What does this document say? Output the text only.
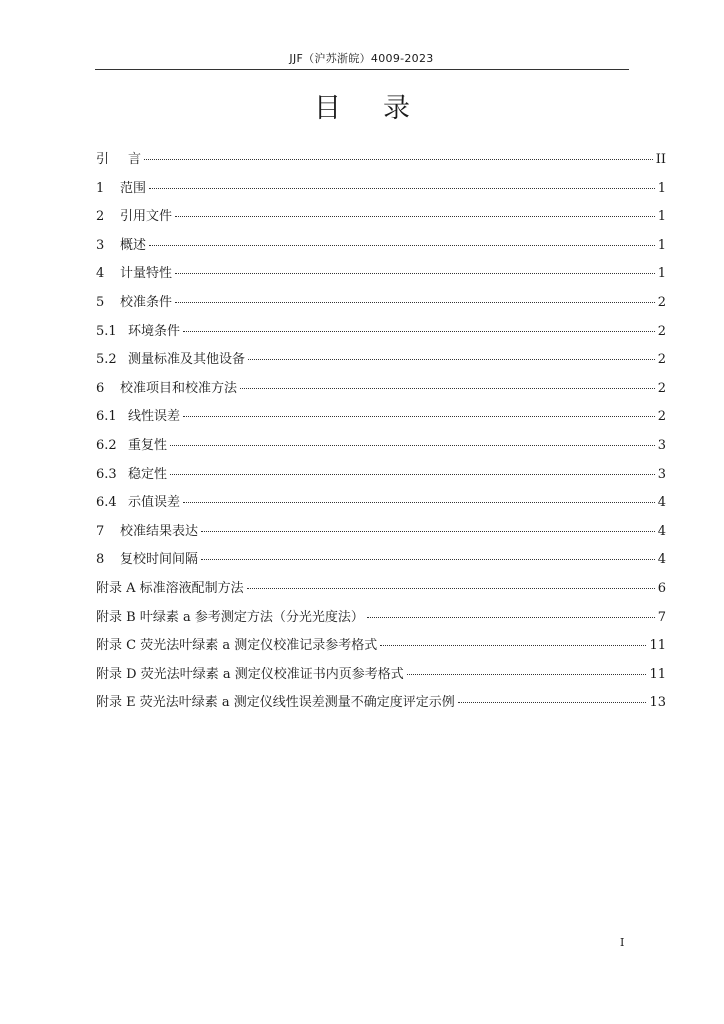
JJF（沪苏浙皖）4009-2023
目 录
引	言	II
1	范围	1
2	引用文件	1
3	概述	1
4	计量特性	1
5	校准条件	2
5.1 环境条件	2
5.2 测量标准及其他设备	2
6	校准项目和校准方法	2
6.1 线性误差	2
6.2 重复性	3
6.3 稳定性	3
6.4 示值误差	4
7	校准结果表达	4
8	复校时间间隔	4
附录 A 标准溶液配制方法	6
附录 B 叶绿素 a 参考测定方法（分光光度法）	7
附录 C 荧光法叶绿素 a 测定仪校准记录参考格式	11
附录 D 荧光法叶绿素 a 测定仪校准证书内页参考格式	11
附录 E 荧光法叶绿素 a 测定仪线性误差测量不确定度评定示例	13
I
